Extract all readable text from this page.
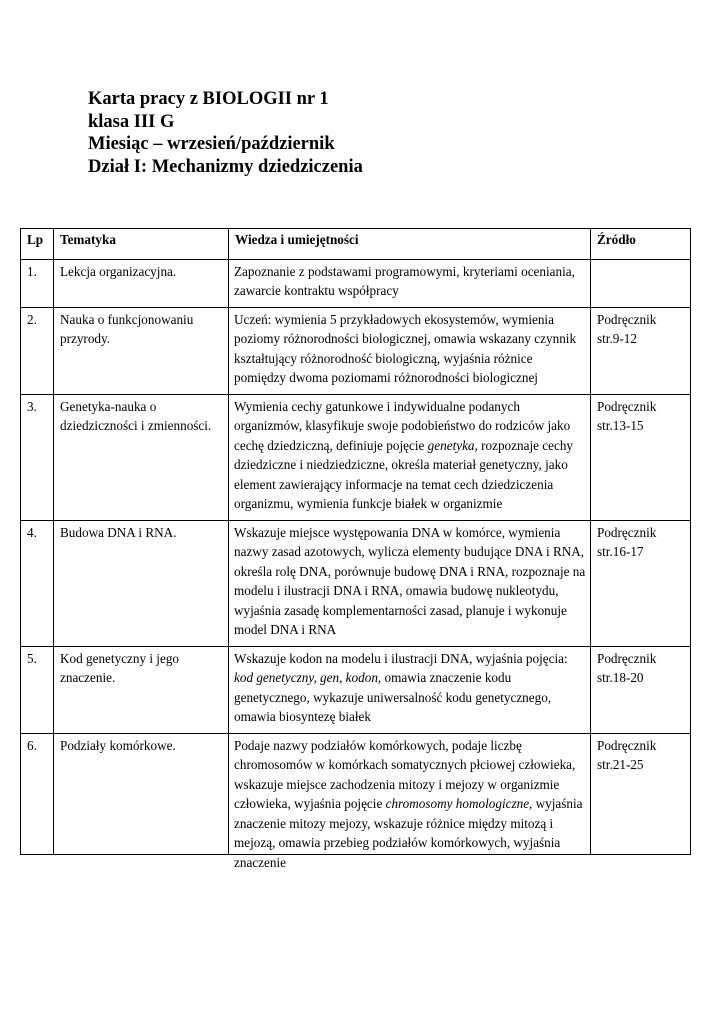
Karta pracy z BIOLOGII nr 1
klasa III G
Miesiąc – wrzesień/październik
Dział I: Mechanizmy dziedziczenia
Lp	Tematyka	Wiedza i umiejętności	Źródło
1.	Lekcja organizacyjna.	Zapoznanie z podstawami programowymi, kryteriami oceniania, zawarcie kontraktu współpracy	

2.	Nauka o funkcjonowaniu przyrody.	Uczeń: wymienia 5 przykładowych ekosystemów, wymienia poziomy różnorodności biologicznej, omawia wskazany czynnik kształtujący różnorodność biologiczną, wyjaśnia różnice pomiędzy dwoma poziomami różnorodności biologicznej	Podręcznik
str.9-12

3.	Genetyka-nauka o dziedziczności i zmienności.	Wymienia cechy gatunkowe i indywidualne podanych organizmów, klasyfikuje swoje podobieństwo do rodziców jako cechę dziedziczną, definiuje pojęcie genetyka, rozpoznaje cechy dziedziczne i niedziedziczne, określa materiał genetyczny, jako element zawierający informacje na temat cech dziedziczenia organizmu, wymienia funkcje białek w organizmie	Podręcznik
str.13-15

4.	Budowa DNA i RNA.	Wskazuje miejsce występowania DNA w komórce, wymienia nazwy zasad azotowych, wylicza elementy budujące DNA i RNA, określa rolę DNA, porównuje budowę DNA i RNA, rozpoznaje na modelu i ilustracji DNA i RNA, omawia budowę nukleotydu, wyjaśnia zasadę komplementarności zasad, planuje i wykonuje model DNA i RNA	Podręcznik
str.16-17

5.	Kod genetyczny i jego znaczenie.	Wskazuje kodon na modelu i ilustracji DNA, wyjaśnia pojęcia: kod genetyczny, gen, kodon, omawia znaczenie kodu genetycznego, wykazuje uniwersalność kodu genetycznego, omawia biosyntezę białek	Podręcznik
str.18-20

6.	Podziały komórkowe.	Podaje nazwy podziałów komórkowych, podaje liczbę chromosomów w komórkach somatycznych płciowej człowieka, wskazuje miejsce zachodzenia mitozy i mejozy w organizmie człowieka, wyjaśnia pojęcie chromosomy homologiczne, wyjaśnia znaczenie mitozy mejozy, wskazuje różnice między mitozą i mejozą, omawia przebieg podziałów komórkowych, wyjaśnia znaczenie	Podręcznik
str.21-25
